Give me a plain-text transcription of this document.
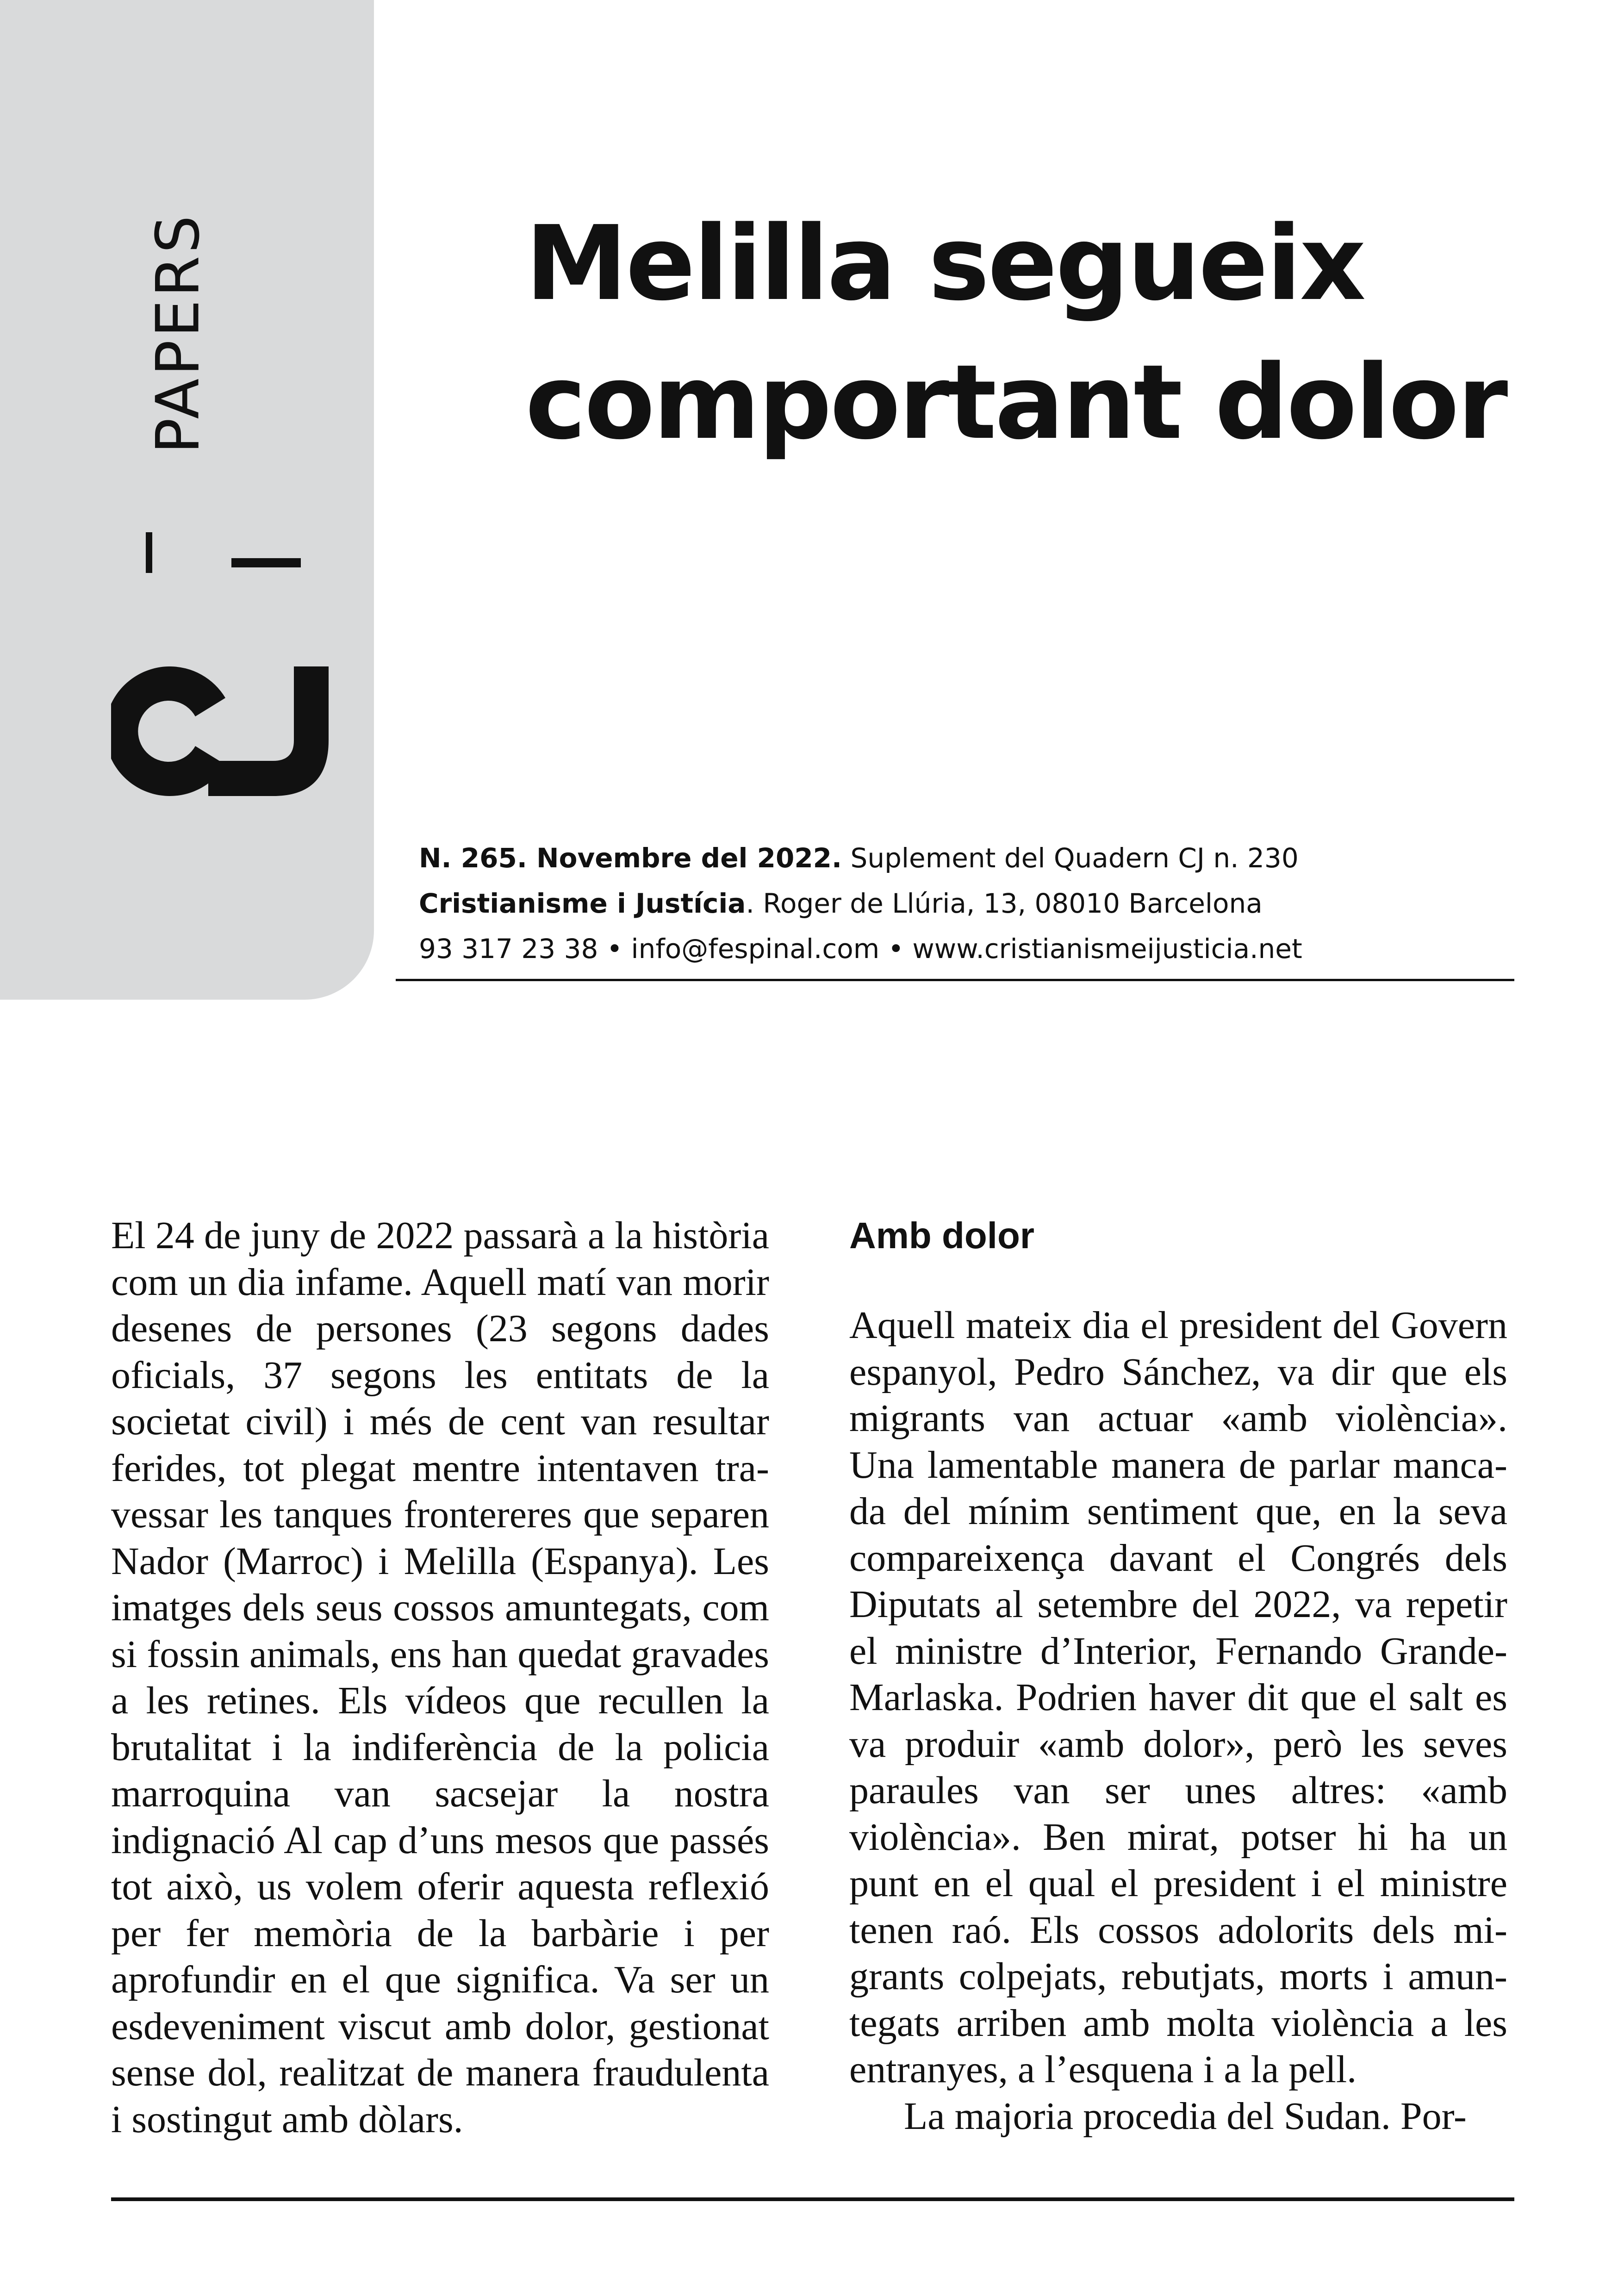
PAPERS	Melilla segueix
comportant dolor
N. 265. Novembre del 2022. Suplement del Quadern CJ n. 230
Cristianisme i Justícia. Roger de Llúria, 13, 08010 Barcelona
93 317 23 38 • info@fespinal.com • www.cristianismeijusticia.net

El 24 de juny de 2022 passarà a la història com un dia infame. Aquell matí van morir desenes de persones (23 segons dades oficials, 37 segons les entitats de la societat civil) i més de cent van resultar ferides, tot plegat mentre intentaven travessar les tanques frontereres que separen Nador (Marroc) i Melilla (Espanya). Les imatges dels seus cossos amuntegats, com si fossin animals, ens han quedat gravades a les retines. Els vídeos que recullen la brutalitat i la indiferència de la policia marroquina van sacsejar la nostra indignació Al cap d’uns mesos que passés tot això, us volem oferir aquesta reflexió per fer memòria de la barbàrie i per aprofundir en el que significa. Va ser un esdeveniment viscut amb dolor, gestionat sense dol, realitzat de manera fraudulenta i sostingut amb dòlars.

Amb dolor

Aquell mateix dia el president del Govern espanyol, Pedro Sánchez, va dir que els migrants van actuar «amb violència». Una lamentable manera de parlar mancada del mínim sentiment que, en la seva compareixença davant el Congrés dels Diputats al setembre del 2022, va repetir el ministre d’Interior, Fernando Grande-Marlaska. Podrien haver dit que el salt es va produir «amb dolor», però les seves paraules van ser unes altres: «amb violència». Ben mirat, potser hi ha un punt en el qual el president i el ministre tenen raó. Els cossos adolorits dels migrants colpejats, rebutjats, morts i amuntegats arriben amb molta violència a les entranyes, a l’esquena i a la pell.

La majoria procedia del Sudan. Por-
